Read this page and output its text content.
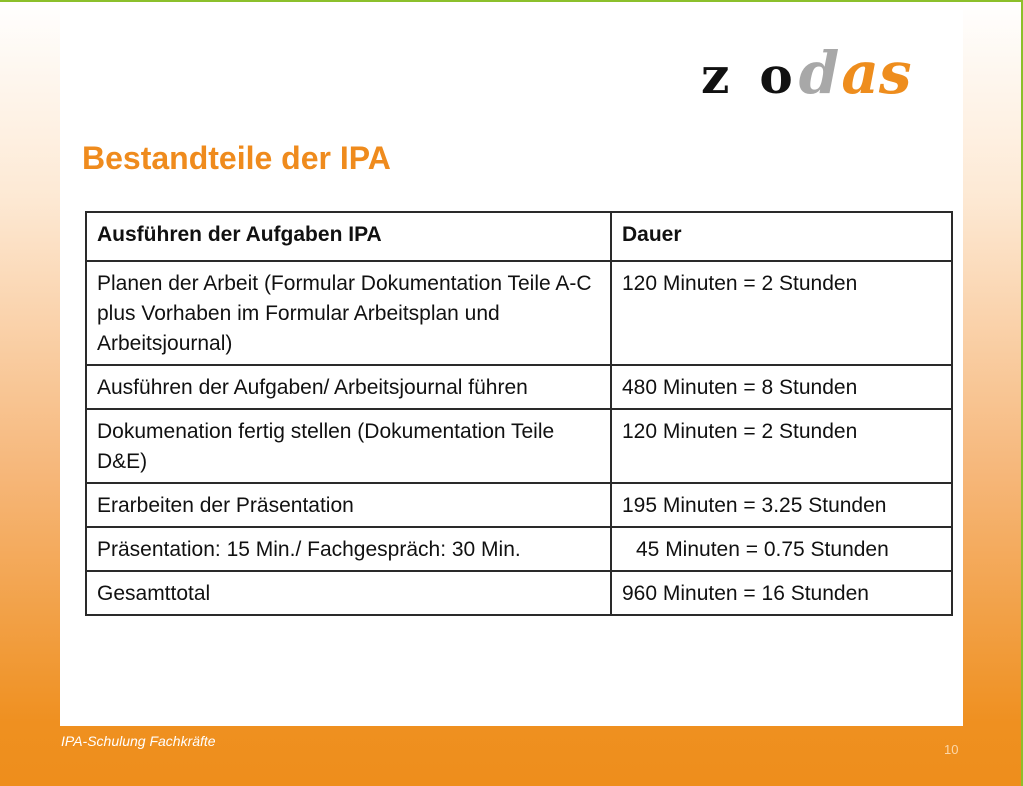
z o das
Bestandteile der IPA
Ausführen der Aufgaben IPA	Dauer
Planen der Arbeit (Formular Dokumentation Teile A-C plus Vorhaben im Formular Arbeitsplan und Arbeitsjournal)	120 Minuten = 2 Stunden
Ausführen der Aufgaben/ Arbeitsjournal führen	480 Minuten = 8 Stunden
Dokumenation fertig stellen (Dokumentation Teile D&E)	120 Minuten = 2 Stunden
Erarbeiten der Präsentation	195 Minuten = 3.25 Stunden
Präsentation: 15 Min./ Fachgespräch: 30 Min.	45 Minuten = 0.75 Stunden
Gesamttotal	960 Minuten = 16 Stunden

IPA-Schulung Fachkräfte

10
